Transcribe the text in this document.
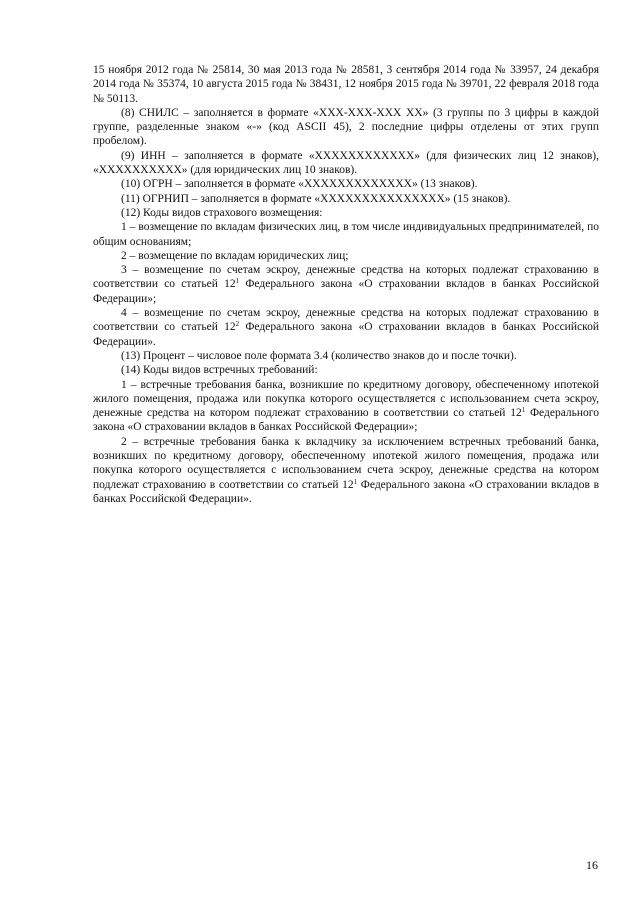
15 ноября 2012 года № 25814, 30 мая 2013 года № 28581, 3 сентября 2014 года № 33957, 24 декабря 2014 года № 35374, 10 августа 2015 года № 38431, 12 ноября 2015 года № 39701, 22 февраля 2018 года № 50113.

(8) СНИЛС – заполняется в формате «XXX-XXX-XXX XX» (3 группы по 3 цифры в каждой группе, разделенные знаком «-» (код ASCII 45), 2 последние цифры отделены от этих групп пробелом).

(9) ИНН – заполняется в формате «XXXXXXXXXXXX» (для физических лиц 12 знаков), «XXXXXXXXXX» (для юридических лиц 10 знаков).

(10) ОГРН – заполняется в формате «XXXXXXXXXXXXX» (13 знаков).

(11) ОГРНИП – заполняется в формате «XXXXXXXXXXXXXXX» (15 знаков).

(12) Коды видов страхового возмещения:

1 – возмещение по вкладам физических лиц, в том числе индивидуальных предпринимателей, по общим основаниям;

2 – возмещение по вкладам юридических лиц;

3 – возмещение по счетам эскроу, денежные средства на которых подлежат страхованию в соответствии со статьей $12^1$ Федерального закона «О страховании вкладов в банках Российской Федерации»;

4 – возмещение по счетам эскроу, денежные средства на которых подлежат страхованию в соответствии со статьей $12^2$ Федерального закона «О страховании вкладов в банках Российской Федерации».

(13) Процент – числовое поле формата 3.4 (количество знаков до и после точки).

(14) Коды видов встречных требований:

1 – встречные требования банка, возникшие по кредитному договору, обеспеченному ипотекой жилого помещения, продажа или покупка которого осуществляется с использованием счета эскроу, денежные средства на котором подлежат страхованию в соответствии со статьей $12^1$ Федерального закона «О страховании вкладов в банках Российской Федерации»;

2 – встречные требования банка к вкладчику за исключением встречных требований банка, возникших по кредитному договору, обеспеченному ипотекой жилого помещения, продажа или покупка которого осуществляется с использованием счета эскроу, денежные средства на котором подлежат страхованию в соответствии со статьей $12^1$ Федерального закона «О страховании вкладов в банках Российской Федерации».

16
